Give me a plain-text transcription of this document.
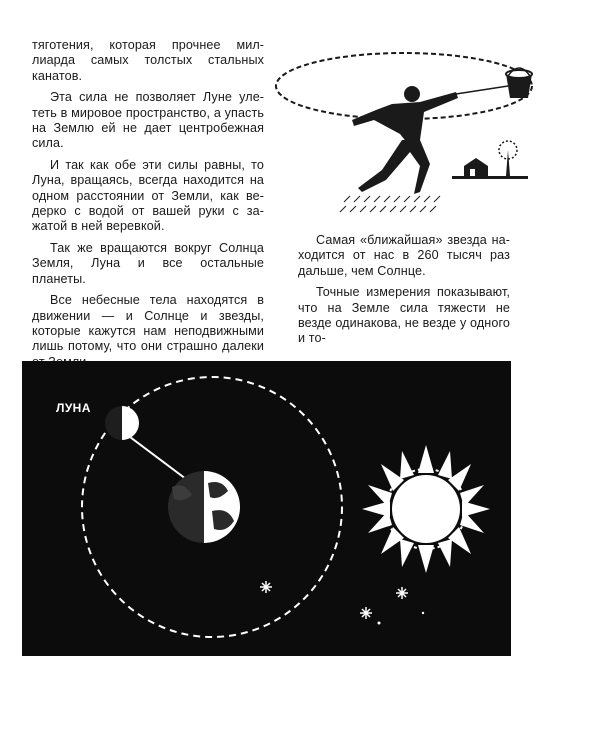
тяготения, которая прочнее миллиарда самых толстых стальных канатов.

Эта сила не позволяет Луне улететь в мировое пространство, а упасть на Землю ей не дает центробежная сила.

И так как обе эти силы равны, то Луна, вращаясь, всегда находится на одном расстоянии от Земли, как ведерко с водой от вашей руки с зажатой в ней веревкой.

Так же вращаются вокруг Солнца Земля, Луна и все остальные планеты.

Все небесные тела находятся в движении — и Солнце и звезды, которые кажутся нам неподвижными лишь потому, что они страшно далеки

Самая «ближайшая» звезда находится от нас в 260 тысяч раз дальше, чем Солнце.

Точные измерения показывают, что на Земле сила тяжести не везде одинакова, не везде у одного и то-

ЛУНА
